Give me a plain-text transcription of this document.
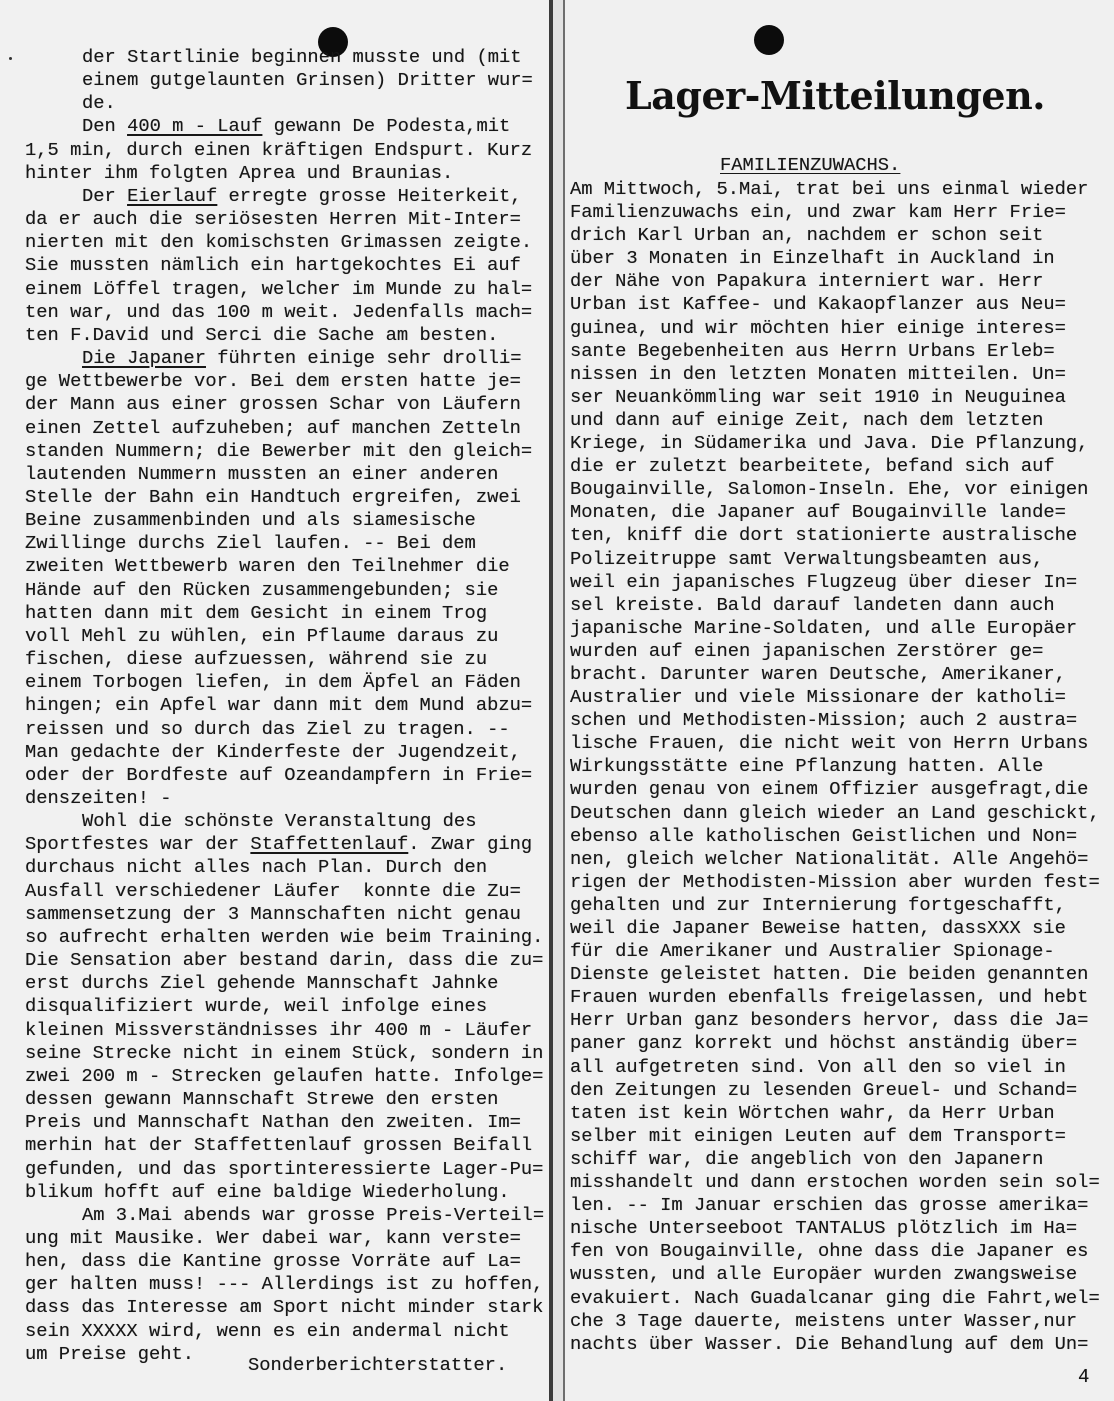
der Startlinie beginnen musste und (mit
einem gutgelaunten Grinsen) Dritter wur=
de.
Den 400 m - Lauf gewann De Podesta,mit
1,5 min, durch einen kräftigen Endspurt. Kurz
hinter ihm folgten Aprea und Braunias.
Der Eierlauf erregte grosse Heiterkeit,
da er auch die seriösesten Herren Mit-Inter=
nierten mit den komischsten Grimassen zeigte.
Sie mussten nämlich ein hartgekochtes Ei auf
einem Löffel tragen, welcher im Munde zu hal=
ten war, und das 100 m weit. Jedenfalls mach=
ten F.David und Serci die Sache am besten.
Die Japaner führten einige sehr drolli=
ge Wettbewerbe vor. Bei dem ersten hatte je=
der Mann aus einer grossen Schar von Läufern
einen Zettel aufzuheben; auf manchen Zetteln
standen Nummern; die Bewerber mit den gleich=
lautenden Nummern mussten an einer anderen
Stelle der Bahn ein Handtuch ergreifen, zwei
Beine zusammenbinden und als siamesische
Zwillinge durchs Ziel laufen. -- Bei dem
zweiten Wettbewerb waren den Teilnehmer die
Hände auf den Rücken zusammengebunden; sie
hatten dann mit dem Gesicht in einem Trog
voll Mehl zu wühlen, ein Pflaume daraus zu
fischen, diese aufzuessen, während sie zu
einem Torbogen liefen, in dem Äpfel an Fäden
hingen; ein Apfel war dann mit dem Mund abzu=
reissen und so durch das Ziel zu tragen. --
Man gedachte der Kinderfeste der Jugendzeit,
oder der Bordfeste auf Ozeandampfern in Frie=
denszeiten! -
Wohl die schönste Veranstaltung des
Sportfestes war der Staffettenlauf. Zwar ging
durchaus nicht alles nach Plan. Durch den
Ausfall verschiedener Läufer  konnte die Zu=
sammensetzung der 3 Mannschaften nicht genau
so aufrecht erhalten werden wie beim Training.
Die Sensation aber bestand darin, dass die zu=
erst durchs Ziel gehende Mannschaft Jahnke
disqualifiziert wurde, weil infolge eines
kleinen Missverständnisses ihr 400 m - Läufer
seine Strecke nicht in einem Stück, sondern in
zwei 200 m - Strecken gelaufen hatte. Infolge=
dessen gewann Mannschaft Strewe den ersten
Preis und Mannschaft Nathan den zweiten. Im=
merhin hat der Staffettenlauf grossen Beifall
gefunden, und das sportinteressierte Lager-Pu=
blikum hofft auf eine baldige Wiederholung.
Am 3.Mai abends war grosse Preis-Verteil=
ung mit Mausike. Wer dabei war, kann verste=
hen, dass die Kantine grosse Vorräte auf La=
ger halten muss! --- Allerdings ist zu hoffen,
dass das Interesse am Sport nicht minder stark
sein XXXXX wird, wenn es ein andermal nicht
um Preise geht.
Sonderberichterstatter.
Lager-Mitteilungen.
FAMILIENZUWACHS.
Am Mittwoch, 5.Mai, trat bei uns einmal wieder
Familienzuwachs ein, und zwar kam Herr Frie=
drich Karl Urban an, nachdem er schon seit
über 3 Monaten in Einzelhaft in Auckland in
der Nähe von Papakura interniert war. Herr
Urban ist Kaffee- und Kakaopflanzer aus Neu=
guinea, und wir möchten hier einige interes=
sante Begebenheiten aus Herrn Urbans Erleb=
nissen in den letzten Monaten mitteilen. Un=
ser Neuankömmling war seit 1910 in Neuguinea
und dann auf einige Zeit, nach dem letzten
Kriege, in Südamerika und Java. Die Pflanzung,
die er zuletzt bearbeitete, befand sich auf
Bougainville, Salomon-Inseln. Ehe, vor einigen
Monaten, die Japaner auf Bougainville lande=
ten, kniff die dort stationierte australische
Polizeitruppe samt Verwaltungsbeamten aus,
weil ein japanisches Flugzeug über dieser In=
sel kreiste. Bald darauf landeten dann auch
japanische Marine-Soldaten, und alle Europäer
wurden auf einen japanischen Zerstörer ge=
bracht. Darunter waren Deutsche, Amerikaner,
Australier und viele Missionare der katholi=
schen und Methodisten-Mission; auch 2 austra=
lische Frauen, die nicht weit von Herrn Urbans
Wirkungsstätte eine Pflanzung hatten. Alle
wurden genau von einem Offizier ausgefragt,die
Deutschen dann gleich wieder an Land geschickt,
ebenso alle katholischen Geistlichen und Non=
nen, gleich welcher Nationalität. Alle Angehö=
rigen der Methodisten-Mission aber wurden fest=
gehalten und zur Internierung fortgeschafft,
weil die Japaner Beweise hatten, dassXXX sie
für die Amerikaner und Australier Spionage-
Dienste geleistet hatten. Die beiden genannten
Frauen wurden ebenfalls freigelassen, und hebt
Herr Urban ganz besonders hervor, dass die Ja=
paner ganz korrekt und höchst anständig über=
all aufgetreten sind. Von all den so viel in
den Zeitungen zu lesenden Greuel- und Schand=
taten ist kein Wörtchen wahr, da Herr Urban
selber mit einigen Leuten auf dem Transport=
schiff war, die angeblich von den Japanern
misshandelt und dann erstochen worden sein sol=
len. -- Im Januar erschien das grosse amerika=
nische Unterseeboot TANTALUS plötzlich im Ha=
fen von Bougainville, ohne dass die Japaner es
wussten, und alle Europäer wurden zwangsweise
evakuiert. Nach Guadalcanar ging die Fahrt,wel=
che 3 Tage dauerte, meistens unter Wasser,nur
nachts über Wasser. Die Behandlung auf dem Un=
4
